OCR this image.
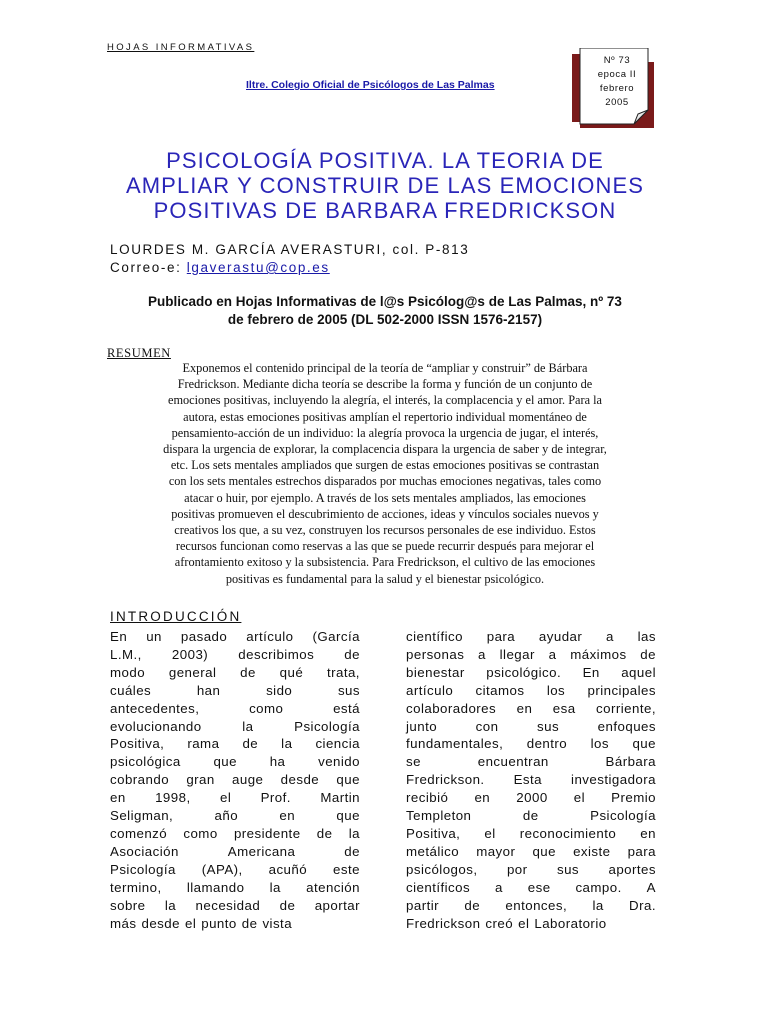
HOJAS INFORMATIVAS
Iltre. Colegio Oficial de Psicólogos de Las Palmas
Nº 73
epoca II
febrero
2005
PSICOLOGÍA POSITIVA. LA TEORIA DE
AMPLIAR Y CONSTRUIR DE LAS EMOCIONES
POSITIVAS DE BARBARA FREDRICKSON
LOURDES M. GARCÍA AVERASTURI, col. P-813
Correo-e: lgaverastu@cop.es
Publicado en Hojas Informativas de l@s Psicólog@s de Las Palmas, nº 73
de febrero de 2005 (DL 502-2000 ISSN 1576-2157)
RESUMEN
Exponemos el contenido principal de la teoría de “ampliar y construir” de Bárbara
Fredrickson. Mediante dicha teoría se describe la forma y función de un conjunto de
emociones positivas, incluyendo la alegría, el interés, la complacencia y el amor. Para la
autora, estas emociones positivas amplían el repertorio individual momentáneo de
pensamiento-acción de un individuo: la alegría provoca la urgencia de jugar, el interés,
dispara la urgencia de explorar, la complacencia dispara la urgencia de saber y de integrar,
etc. Los sets mentales ampliados que surgen de estas emociones positivas se contrastan
con los sets mentales estrechos disparados por muchas emociones negativas, tales como
atacar o huir, por ejemplo. A través de los sets mentales ampliados, las emociones
positivas promueven el descubrimiento de acciones, ideas y vínculos sociales nuevos y
creativos los que, a su vez, construyen los recursos personales de ese individuo. Estos
recursos funcionan como reservas a las que se puede recurrir después para mejorar el
afrontamiento exitoso y la subsistencia. Para Fredrickson, el cultivo de las emociones
positivas es fundamental para la salud y el bienestar psicológico.
INTRODUCCIÓN
En un pasado artículo (García
L.M., 2003) describimos de
modo general de qué trata,
cuáles	han	sido	sus
antecedentes,	como	está
evolucionando	la	Psicología
Positiva, rama de la ciencia
psicológica que ha venido
cobrando gran auge desde que
en 1998, el Prof. Martin
Seligman,	año	en	que
comenzó como presidente de la
Asociación	Americana	de
Psicología (APA), acuñó este
termino, llamando la atención
sobre la necesidad de aportar
más desde el punto de vista
científico para ayudar a las
personas a llegar a máximos de
bienestar psicológico. En aquel
artículo citamos los principales
colaboradores en esa corriente,
junto	con	sus	enfoques
fundamentales, dentro los que
se	encuentran	Bárbara
Fredrickson. Esta investigadora
recibió en 2000 el Premio
Templeton	de	Psicología
Positiva, el reconocimiento en
metálico mayor que existe para
psicólogos, por sus aportes
científicos a ese campo. A
partir de entonces, la Dra.
Fredrickson creó el Laboratorio
